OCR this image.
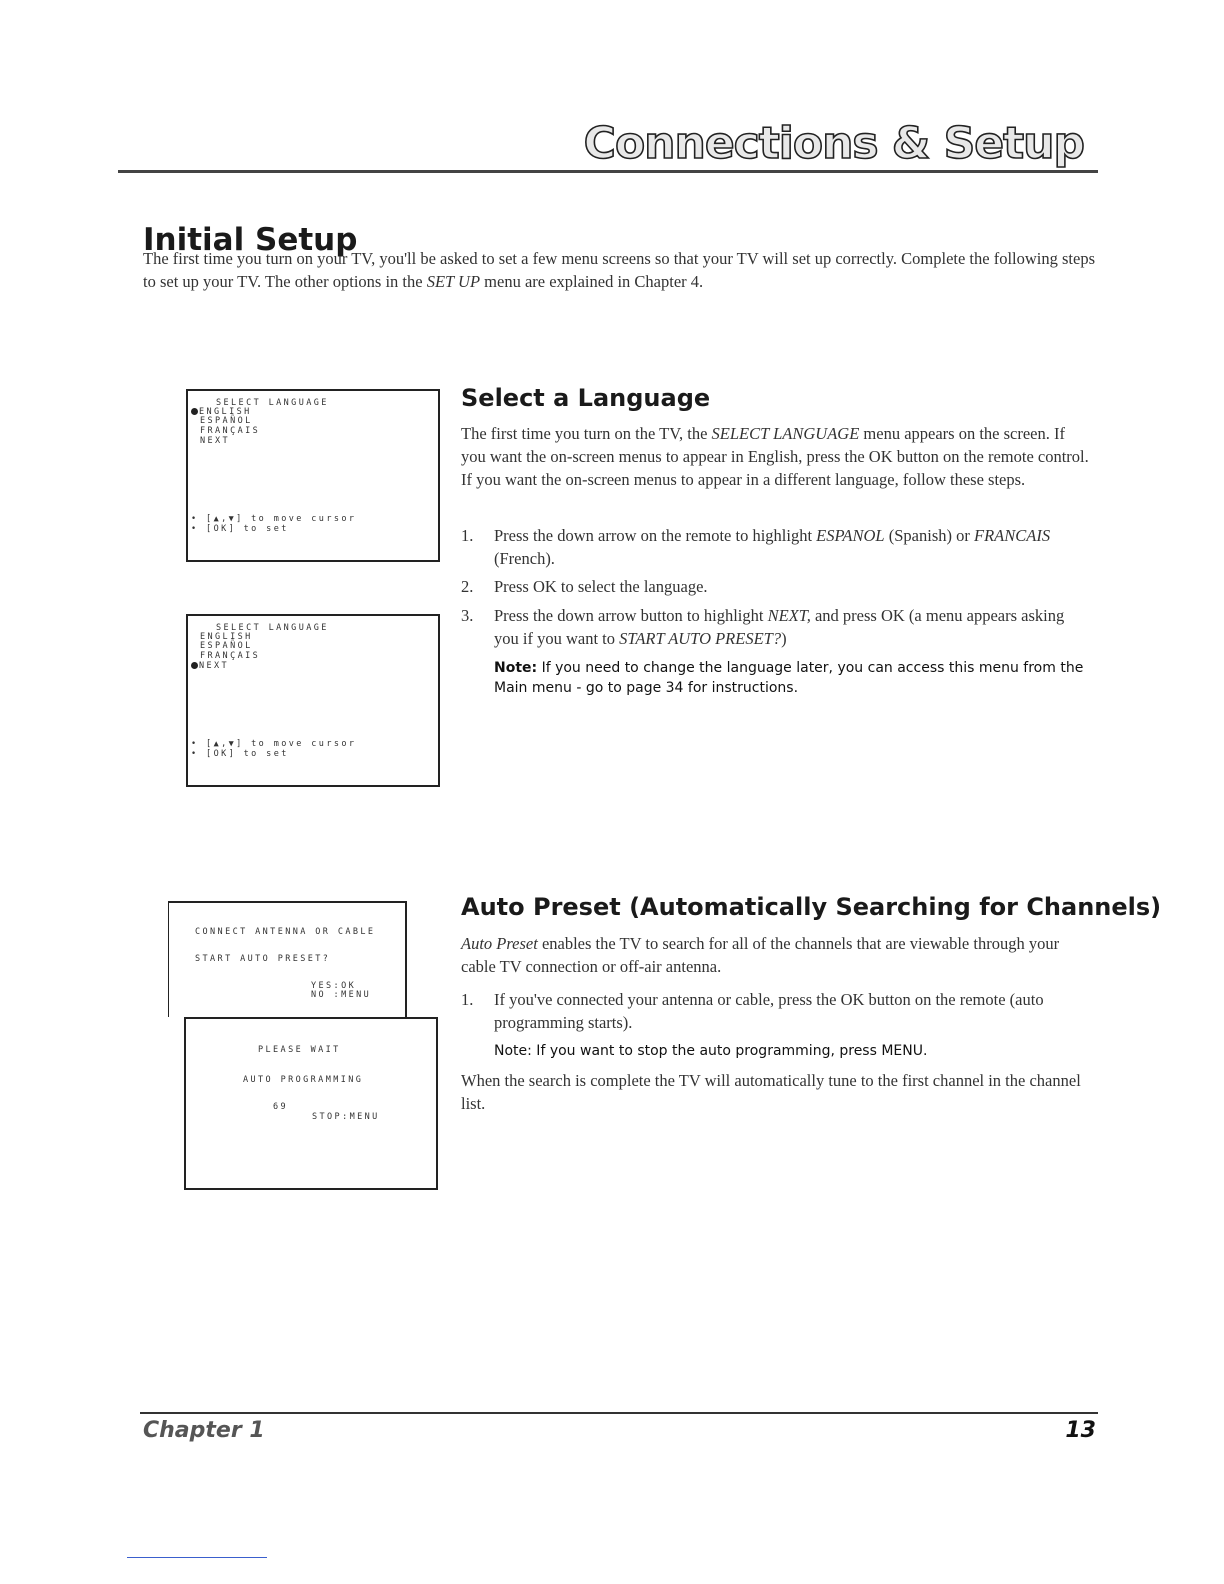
Connections & Setup
Initial Setup
The first time you turn on your TV, you'll be asked to set a few menu screens so that your TV will set up correctly. Complete the following steps to set up your TV. The other options in the SET UP menu are explained in Chapter 4.
SELECT LANGUAGE
ENGLISH
ESPAÑOL
FRANÇAIS
NEXT
• [▲,▼] to move cursor
• [OK] to set
SELECT LANGUAGE
ENGLISH
ESPAÑOL
FRANÇAIS
NEXT
• [▲,▼] to move cursor
• [OK] to set
CONNECT ANTENNA OR CABLE
START AUTO PRESET?
YES:OK
NO :MENU
PLEASE WAIT
AUTO PROGRAMMING
69
STOP:MENU
Select a Language
The first time you turn on the TV, the SELECT LANGUAGE menu appears on the screen. If you want the on-screen menus to appear in English, press the OK button on the remote control. If you want the on-screen menus to appear in a different language, follow these steps.
1. Press the down arrow on the remote to highlight ESPANOL (Spanish) or FRANCAIS (French).
2. Press OK to select the language.
3. Press the down arrow button to highlight NEXT, and press OK (a menu appears asking you if you want to START AUTO PRESET?)
Note: If you need to change the language later, you can access this menu from the Main menu - go to page 34 for instructions.
Auto Preset (Automatically Searching for Channels)
Auto Preset enables the TV to search for all of the channels that are viewable through your cable TV connection or off-air antenna.
1. If you've connected your antenna or cable, press the OK button on the remote (auto programming starts).
Note: If you want to stop the auto programming, press MENU.
When the search is complete the TV will automatically tune to the first channel in the channel list.
Chapter 1	13
